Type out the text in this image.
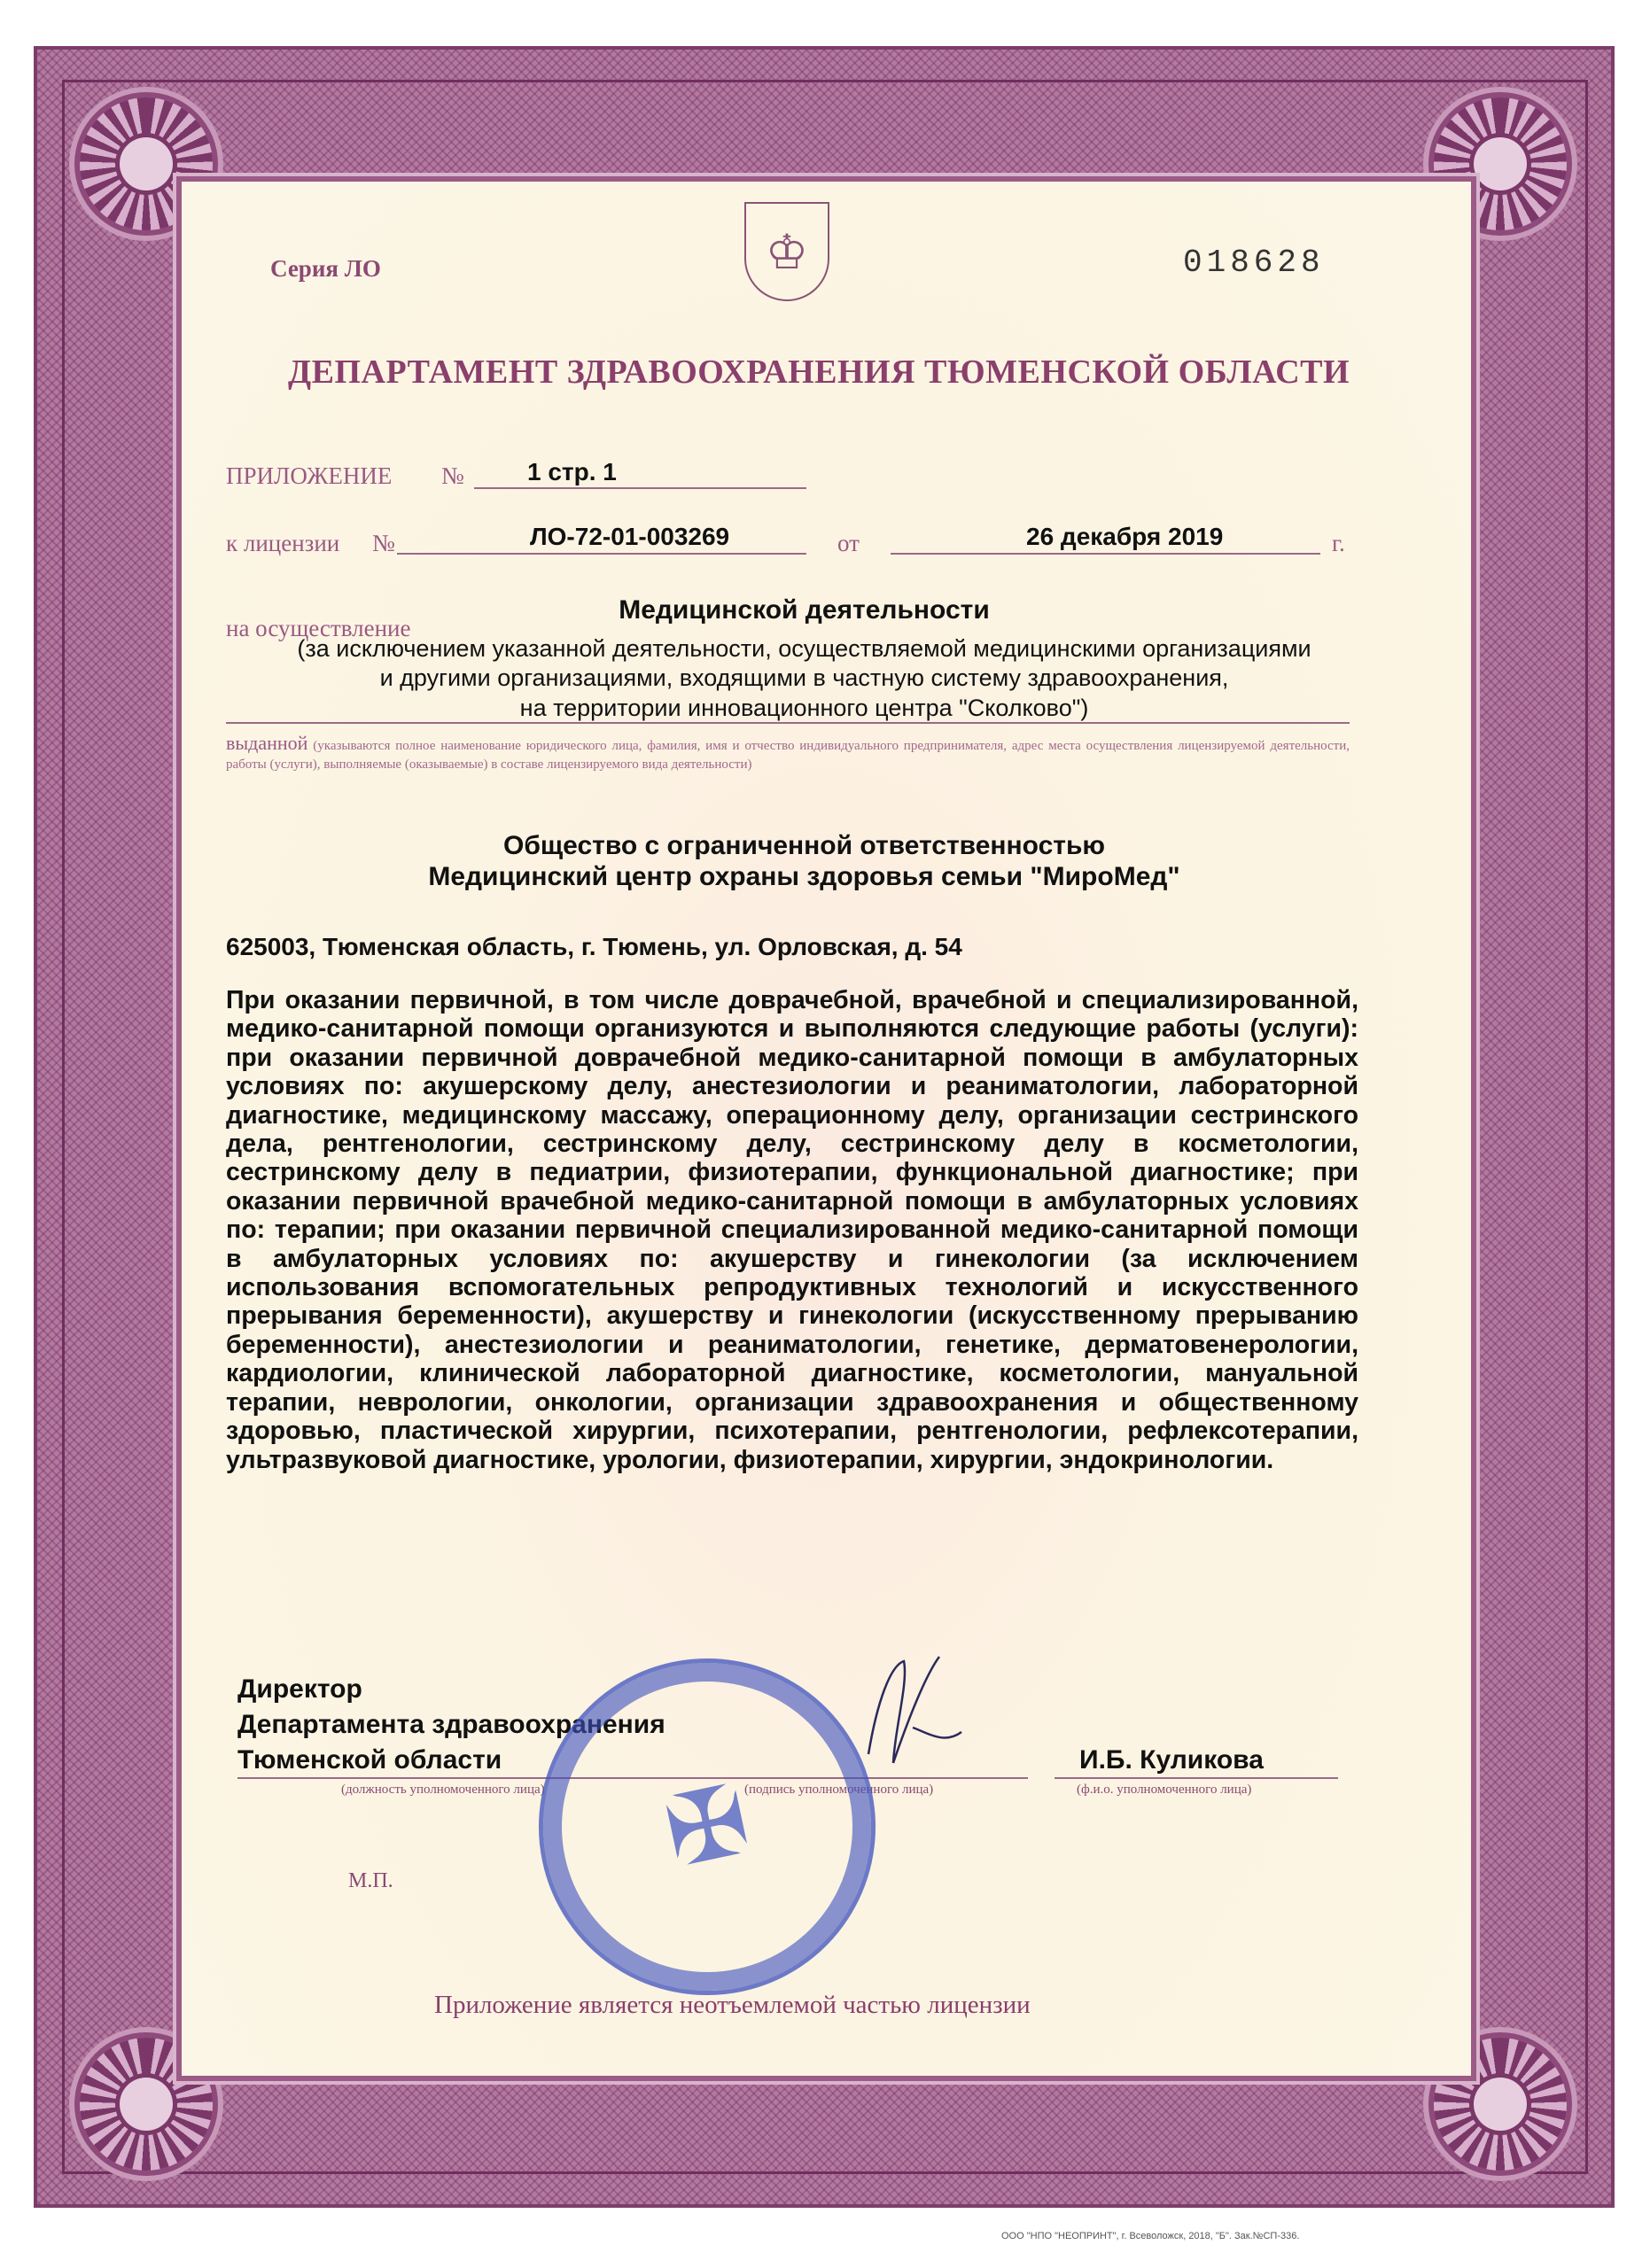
♔
Серия ЛО	018628
ДЕПАРТАМЕНТ ЗДРАВООХРАНЕНИЯ ТЮМЕНСКОЙ ОБЛАСТИ
ПРИЛОЖЕНИЕ №	1 стр. 1
к лицензии №	ЛО-72-01-003269	от	26 декабря 2019	г.
Медицинской деятельности
на осуществление
(за исключением указанной деятельности, осуществляемой медицинскими организациями
и другими организациями, входящими в частную систему здравоохранения,
на территории инновационного центра "Сколково")
выданной (указываются полное наименование юридического лица, фамилия, имя и отчество индивидуального предпринимателя, адрес места осуществления лицензируемой деятельности, работы (услуги), выполняемые (оказываемые) в составе лицензируемого вида деятельности)
Общество с ограниченной ответственностью
Медицинский центр охраны здоровья семьи "МироМед"
625003, Тюменская область, г. Тюмень, ул. Орловская, д. 54
При оказании первичной, в том числе доврачебной, врачебной и специализированной, медико-санитарной помощи организуются и выполняются следующие работы (услуги): при оказании первичной доврачебной медико-санитарной помощи в амбулаторных условиях по: акушерскому делу, анестезиологии и реаниматологии, лабораторной диагностике, медицинскому массажу, операционному делу, организации сестринского дела, рентгенологии, сестринскому делу, сестринскому делу в косметологии, сестринскому делу в педиатрии, физиотерапии, функциональной диагностике; при оказании первичной врачебной медико-санитарной помощи в амбулаторных условиях по: терапии; при оказании первичной специализированной медико-санитарной помощи в амбулаторных условиях по: акушерству и гинекологии (за исключением использования вспомогательных репродуктивных технологий и искусственного прерывания беременности), акушерству и гинекологии (искусственному прерыванию беременности), анестезиологии и реаниматологии, генетике, дерматовенерологии, кардиологии, клинической лабораторной диагностике, косметологии, мануальной терапии, неврологии, онкологии, организации здравоохранения и общественному здоровью, пластической хирургии, психотерапии, рентгенологии, рефлексотерапии, ультразвуковой диагностике, урологии, физиотерапии, хирургии, эндокринологии.
Директор
Департамента здравоохранения
Тюменской области	И.Б. Куликова
(должность уполномоченного лица)	(подпись уполномоченного лица)	(ф.и.о. уполномоченного лица)
М.П.	✠
Приложение является неотъемлемой частью лицензии
ООО "НПО "НЕОПРИНТ", г. Всеволожск, 2018, "Б". Зак.№СП-336.
